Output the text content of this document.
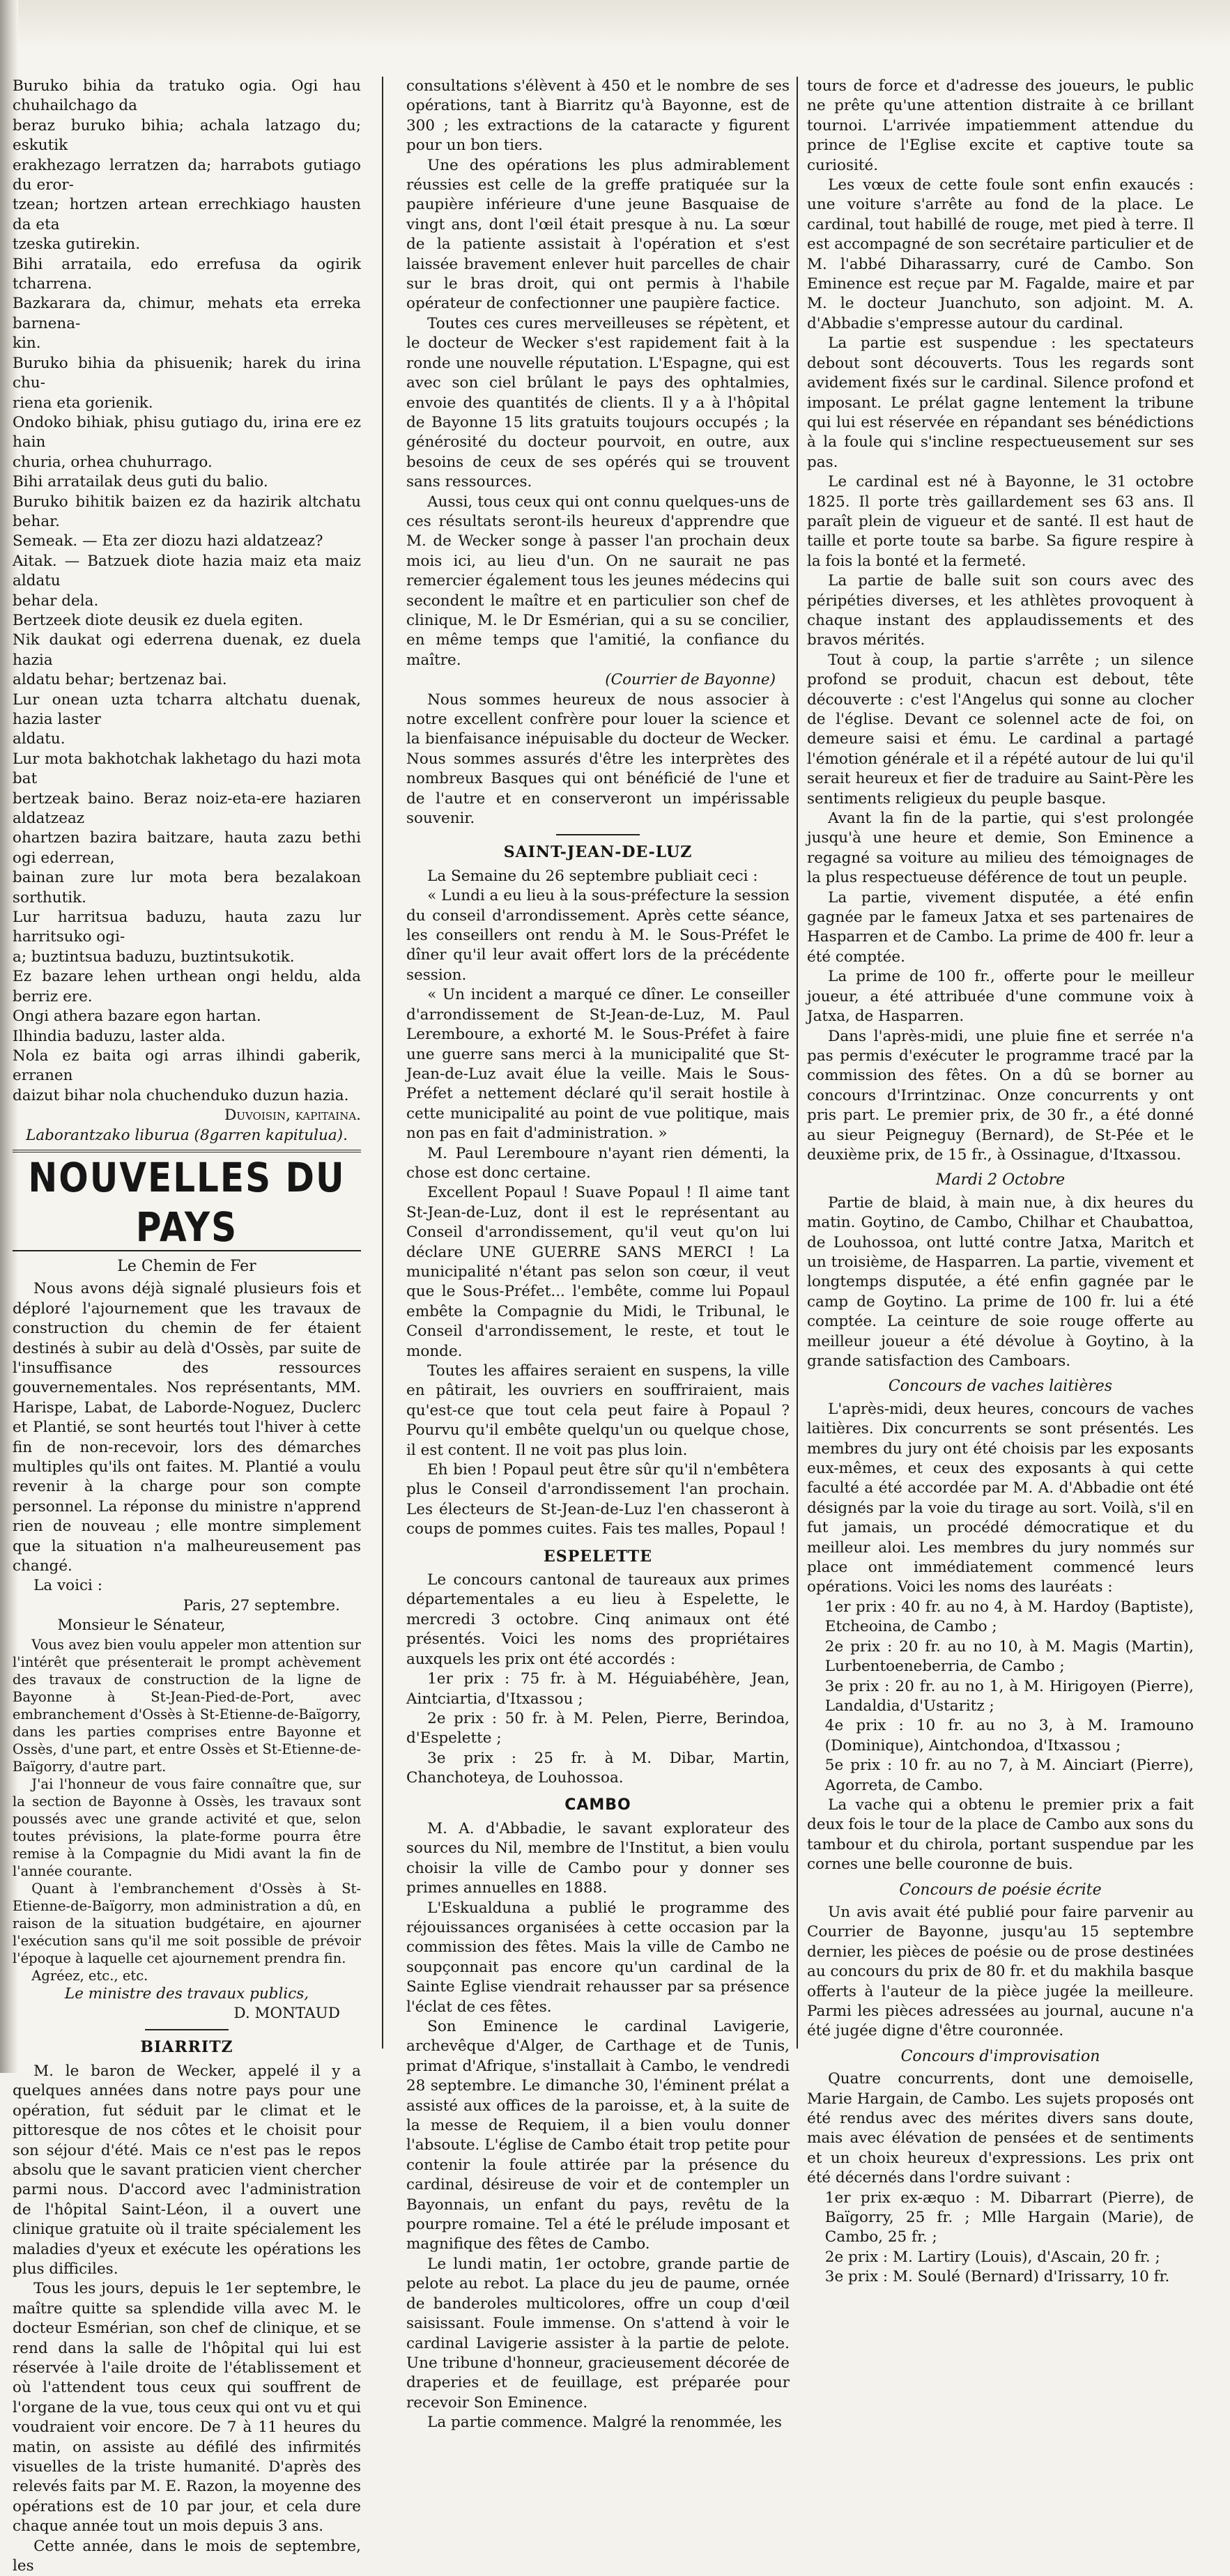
Buruko bihia da tratuko ogia. Ogi hau chuhailchago da

beraz buruko bihia; achala latzago du; eskutik

erakhezago lerratzen da; harrabots gutiago du eror-

tzean; hortzen artean errechkiago hausten da eta

tzeska gutirekin.

Bihi arrataila, edo errefusa da ogirik tcharrena.

Bazkarara da, chimur, mehats eta erreka barnena-

kin.

Buruko bihia da phisuenik; harek du irina chu-

riena eta gorienik.

Ondoko bihiak, phisu gutiago du, irina ere ez hain

churia, orhea chuhurrago.

Bihi arratailak deus guti du balio.

Buruko bihitik baizen ez da hazirik altchatu behar.

Semeak. — Eta zer diozu hazi aldatzeaz?

Aitak. — Batzuek diote hazia maiz eta maiz aldatu

behar dela.

Bertzeek diote deusik ez duela egiten.

Nik daukat ogi ederrena duenak, ez duela hazia

aldatu behar; bertzenaz bai.

Lur onean uzta tcharra altchatu duenak, hazia laster

aldatu.

Lur mota bakhotchak lakhetago du hazi mota bat

bertzeak baino. Beraz noiz-eta-ere haziaren aldatzeaz

ohartzen bazira baitzare, hauta zazu bethi ogi ederrean,

bainan zure lur mota bera bezalakoan sorthutik.

Lur harritsua baduzu, hauta zazu lur harritsuko ogi-

a; buztintsua baduzu, buztintsukotik.

Ez bazare lehen urthean ongi heldu, alda berriz ere.

Ongi athera bazare egon hartan.

Ilhindia baduzu, laster alda.

Nola ez baita ogi arras ilhindi gaberik, erranen

daizut bihar nola chuchenduko duzun hazia.

Duvoisin, kapitaina.

Laborantzako liburua (8garren kapitulua).

NOUVELLES DU PAYS
Le Chemin de Fer

Nous avons déjà signalé plusieurs fois et déploré l'ajournement que les travaux de construction du chemin de fer étaient destinés à subir au delà d'Ossès, par suite de l'insuffisance des ressources gouvernementales. Nos représentants, MM. Harispe, Labat, de Laborde-Noguez, Duclerc et Plantié, se sont heurtés tout l'hiver à cette fin de non-recevoir, lors des démarches multiples qu'ils ont faites. M. Plantié a voulu revenir à la charge pour son compte personnel. La réponse du ministre n'apprend rien de nouveau ; elle montre simplement que la situation n'a malheureusement pas changé.

La voici :

Paris, 27 septembre.

Monsieur le Sénateur,

Vous avez bien voulu appeler mon attention sur l'intérêt que présenterait le prompt achèvement des travaux de construction de la ligne de Bayonne à St-Jean-Pied-de-Port, avec embranchement d'Ossès à St-Etienne-de-Baïgorry, dans les parties comprises entre Bayonne et Ossès, d'une part, et entre Ossès et St-Etienne-de-Baïgorry, d'autre part.

J'ai l'honneur de vous faire connaître que, sur la section de Bayonne à Ossès, les travaux sont poussés avec une grande activité et que, selon toutes prévisions, la plate-forme pourra être remise à la Compagnie du Midi avant la fin de l'année courante.

Quant à l'embranchement d'Ossès à St-Etienne-de-Baïgorry, mon administration a dû, en raison de la situation budgétaire, en ajourner l'exécution sans qu'il me soit possible de prévoir l'époque à laquelle cet ajournement prendra fin.

Agréez, etc., etc.

Le ministre des travaux publics,

D. MONTAUD

BIARRITZ

M. le baron de Wecker, appelé il y a quelques années dans notre pays pour une opération, fut séduit par le climat et le pittoresque de nos côtes et le choisit pour son séjour d'été. Mais ce n'est pas le repos absolu que le savant praticien vient chercher parmi nous. D'accord avec l'administration de l'hôpital Saint-Léon, il a ouvert une clinique gratuite où il traite spécialement les maladies d'yeux et exécute les opérations les plus difficiles.

Tous les jours, depuis le 1er septembre, le maître quitte sa splendide villa avec M. le docteur Esmérian, son chef de clinique, et se rend dans la salle de l'hôpital qui lui est réservée à l'aile droite de l'établissement et où l'attendent tous ceux qui souffrent de l'organe de la vue, tous ceux qui ont vu et qui voudraient voir encore. De 7 à 11 heures du matin, on assiste au défilé des infirmités visuelles de la triste humanité. D'après des relevés faits par M. E. Razon, la moyenne des opérations est de 10 par jour, et cela dure chaque année tout un mois depuis 3 ans.

Cette année, dans le mois de septembre, les

consultations s'élèvent à 450 et le nombre de ses opérations, tant à Biarritz qu'à Bayonne, est de 300 ; les extractions de la cataracte y figurent pour un bon tiers.

Une des opérations les plus admirablement réussies est celle de la greffe pratiquée sur la paupière inférieure d'une jeune Basquaise de vingt ans, dont l'œil était presque à nu. La sœur de la patiente assistait à l'opération et s'est laissée bravement enlever huit parcelles de chair sur le bras droit, qui ont permis à l'habile opérateur de confectionner une paupière factice.

Toutes ces cures merveilleuses se répètent, et le docteur de Wecker s'est rapidement fait à la ronde une nouvelle réputation. L'Espagne, qui est avec son ciel brûlant le pays des ophtalmies, envoie des quantités de clients. Il y a à l'hôpital de Bayonne 15 lits gratuits toujours occupés ; la générosité du docteur pourvoit, en outre, aux besoins de ceux de ses opérés qui se trouvent sans ressources.

Aussi, tous ceux qui ont connu quelques-uns de ces résultats seront-ils heureux d'apprendre que M. de Wecker songe à passer l'an prochain deux mois ici, au lieu d'un. On ne saurait ne pas remercier également tous les jeunes médecins qui secondent le maître et en particulier son chef de clinique, M. le Dr Esmérian, qui a su se concilier, en même temps que l'amitié, la confiance du maître.

(Courrier de Bayonne)

Nous sommes heureux de nous associer à notre excellent confrère pour louer la science et la bienfaisance inépuisable du docteur de Wecker. Nous sommes assurés d'être les interprètes des nombreux Basques qui ont bénéficié de l'une et de l'autre et en conserveront un impérissable souvenir.

SAINT-JEAN-DE-LUZ

La Semaine du 26 septembre publiait ceci :

« Lundi a eu lieu à la sous-préfecture la session du conseil d'arrondissement. Après cette séance, les conseillers ont rendu à M. le Sous-Préfet le dîner qu'il leur avait offert lors de la précédente session.

« Un incident a marqué ce dîner. Le conseiller d'arrondissement de St-Jean-de-Luz, M. Paul Leremboure, a exhorté M. le Sous-Préfet à faire une guerre sans merci à la municipalité que St-Jean-de-Luz avait élue la veille. Mais le Sous-Préfet a nettement déclaré qu'il serait hostile à cette municipalité au point de vue politique, mais non pas en fait d'administration. »

M. Paul Leremboure n'ayant rien démenti, la chose est donc certaine.

Excellent Popaul ! Suave Popaul ! Il aime tant St-Jean-de-Luz, dont il est le représentant au Conseil d'arrondissement, qu'il veut qu'on lui déclare UNE GUERRE SANS MERCI ! La municipalité n'étant pas selon son cœur, il veut que le Sous-Préfet... l'embête, comme lui Popaul embête la Compagnie du Midi, le Tribunal, le Conseil d'arrondissement, le reste, et tout le monde.

Toutes les affaires seraient en suspens, la ville en pâtirait, les ouvriers en souffriraient, mais qu'est-ce que tout cela peut faire à Popaul ? Pourvu qu'il embête quelqu'un ou quelque chose, il est content. Il ne voit pas plus loin.

Eh bien ! Popaul peut être sûr qu'il n'embêtera plus le Conseil d'arrondissement l'an prochain. Les électeurs de St-Jean-de-Luz l'en chasseront à coups de pommes cuites. Fais tes malles, Popaul !

ESPELETTE

Le concours cantonal de taureaux aux primes départementales a eu lieu à Espelette, le mercredi 3 octobre. Cinq animaux ont été présentés. Voici les noms des propriétaires auxquels les prix ont été accordés :

1er prix : 75 fr. à M. Héguiabéhère, Jean, Aintciartia, d'Itxassou ;

2e prix : 50 fr. à M. Pelen, Pierre, Berindoa, d'Espelette ;

3e prix : 25 fr. à M. Dibar, Martin, Chanchoteya, de Louhossoa.

CAMBO

M. A. d'Abbadie, le savant explorateur des sources du Nil, membre de l'Institut, a bien voulu choisir la ville de Cambo pour y donner ses primes annuelles en 1888.

L'Eskualduna a publié le programme des réjouissances organisées à cette occasion par la commission des fêtes. Mais la ville de Cambo ne soupçonnait pas encore qu'un cardinal de la Sainte Eglise viendrait rehausser par sa présence l'éclat de ces fêtes.

Son Eminence le cardinal Lavigerie, archevêque d'Alger, de Carthage et de Tunis, primat d'Afrique, s'installait à Cambo, le vendredi 28 septembre. Le dimanche 30, l'éminent prélat a assisté aux offices de la paroisse, et, à la suite de la messe de Requiem, il a bien voulu donner l'absoute. L'église de Cambo était trop petite pour contenir la foule attirée par la présence du cardinal, désireuse de voir et de contempler un Bayonnais, un enfant du pays, revêtu de la pourpre romaine. Tel a été le prélude imposant et magnifique des fêtes de Cambo.

Le lundi matin, 1er octobre, grande partie de pelote au rebot. La place du jeu de paume, ornée de banderoles multicolores, offre un coup d'œil saisissant. Foule immense. On s'attend à voir le cardinal Lavigerie assister à la partie de pelote. Une tribune d'honneur, gracieusement décorée de draperies et de feuillage, est préparée pour recevoir Son Eminence.

La partie commence. Malgré la renommée, les

tours de force et d'adresse des joueurs, le public ne prête qu'une attention distraite à ce brillant tournoi. L'arrivée impatiemment attendue du prince de l'Eglise excite et captive toute sa curiosité.

Les vœux de cette foule sont enfin exaucés : une voiture s'arrête au fond de la place. Le cardinal, tout habillé de rouge, met pied à terre. Il est accompagné de son secrétaire particulier et de M. l'abbé Diharassarry, curé de Cambo. Son Eminence est reçue par M. Fagalde, maire et par M. le docteur Juanchuto, son adjoint. M. A. d'Abbadie s'empresse autour du cardinal.

La partie est suspendue : les spectateurs debout sont découverts. Tous les regards sont avidement fixés sur le cardinal. Silence profond et imposant. Le prélat gagne lentement la tribune qui lui est réservée en répandant ses bénédictions à la foule qui s'incline respectueusement sur ses pas.

Le cardinal est né à Bayonne, le 31 octobre 1825. Il porte très gaillardement ses 63 ans. Il paraît plein de vigueur et de santé. Il est haut de taille et porte toute sa barbe. Sa figure respire à la fois la bonté et la fermeté.

La partie de balle suit son cours avec des péripéties diverses, et les athlètes provoquent à chaque instant des applaudissements et des bravos mérités.

Tout à coup, la partie s'arrête ; un silence profond se produit, chacun est debout, tête découverte : c'est l'Angelus qui sonne au clocher de l'église. Devant ce solennel acte de foi, on demeure saisi et ému. Le cardinal a partagé l'émotion générale et il a répété autour de lui qu'il serait heureux et fier de traduire au Saint-Père les sentiments religieux du peuple basque.

Avant la fin de la partie, qui s'est prolongée jusqu'à une heure et demie, Son Eminence a regagné sa voiture au milieu des témoignages de la plus respectueuse déférence de tout un peuple.

La partie, vivement disputée, a été enfin gagnée par le fameux Jatxa et ses partenaires de Hasparren et de Cambo. La prime de 400 fr. leur a été comptée.

La prime de 100 fr., offerte pour le meilleur joueur, a été attribuée d'une commune voix à Jatxa, de Hasparren.

Dans l'après-midi, une pluie fine et serrée n'a pas permis d'exécuter le programme tracé par la commission des fêtes. On a dû se borner au concours d'Irrintzinac. Onze concurrents y ont pris part. Le premier prix, de 30 fr., a été donné au sieur Peigneguy (Bernard), de St-Pée et le deuxième prix, de 15 fr., à Ossinague, d'Itxassou.

Mardi 2 Octobre

Partie de blaid, à main nue, à dix heures du matin. Goytino, de Cambo, Chilhar et Chaubattoa, de Louhossoa, ont lutté contre Jatxa, Maritch et un troisième, de Hasparren. La partie, vivement et longtemps disputée, a été enfin gagnée par le camp de Goytino. La prime de 100 fr. lui a été comptée. La ceinture de soie rouge offerte au meilleur joueur a été dévolue à Goytino, à la grande satisfaction des Camboars.

Concours de vaches laitières

L'après-midi, deux heures, concours de vaches laitières. Dix concurrents se sont présentés. Les membres du jury ont été choisis par les exposants eux-mêmes, et ceux des exposants à qui cette faculté a été accordée par M. A. d'Abbadie ont été désignés par la voie du tirage au sort. Voilà, s'il en fut jamais, un procédé démocratique et du meilleur aloi. Les membres du jury nommés sur place ont immédiatement commencé leurs opérations. Voici les noms des lauréats :

1er prix : 40 fr. au no 4, à M. Hardoy (Baptiste), Etcheoina, de Cambo ;

2e prix : 20 fr. au no 10, à M. Magis (Martin), Lurbentoeneberria, de Cambo ;

3e prix : 20 fr. au no 1, à M. Hirigoyen (Pierre), Landaldia, d'Ustaritz ;

4e prix : 10 fr. au no 3, à M. Iramouno (Dominique), Aintchondoa, d'Itxassou ;

5e prix : 10 fr. au no 7, à M. Ainciart (Pierre), Agorreta, de Cambo.

La vache qui a obtenu le premier prix a fait deux fois le tour de la place de Cambo aux sons du tambour et du chirola, portant suspendue par les cornes une belle couronne de buis.

Concours de poésie écrite

Un avis avait été publié pour faire parvenir au Courrier de Bayonne, jusqu'au 15 septembre dernier, les pièces de poésie ou de prose destinées au concours du prix de 80 fr. et du makhila basque offerts à l'auteur de la pièce jugée la meilleure. Parmi les pièces adressées au journal, aucune n'a été jugée digne d'être couronnée.

Concours d'improvisation

Quatre concurrents, dont une demoiselle, Marie Hargain, de Cambo. Les sujets proposés ont été rendus avec des mérites divers sans doute, mais avec élévation de pensées et de sentiments et un choix heureux d'expressions. Les prix ont été décernés dans l'ordre suivant :

1er prix ex-æquo : M. Dibarrart (Pierre), de Baïgorry, 25 fr. ; Mlle Hargain (Marie), de Cambo, 25 fr. ;

2e prix : M. Lartiry (Louis), d'Ascain, 20 fr. ;

3e prix : M. Soulé (Bernard) d'Irissarry, 10 fr.
